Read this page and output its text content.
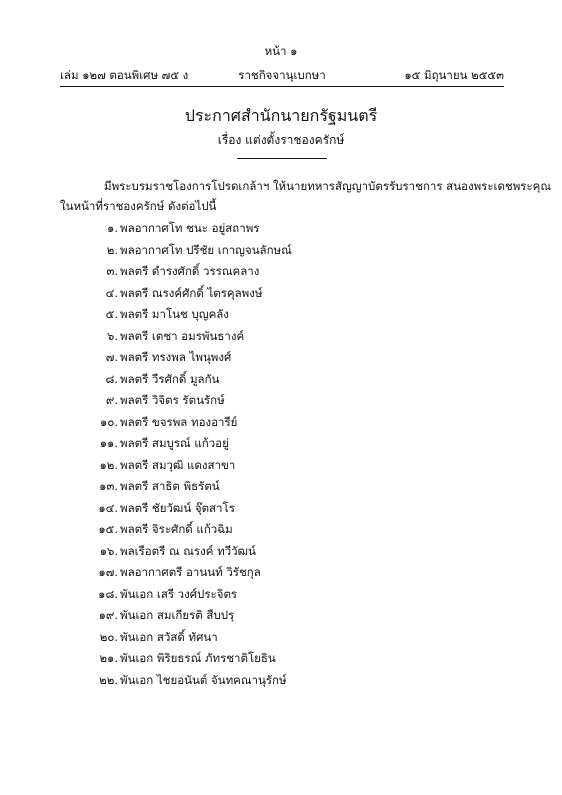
หน้า ๑
เล่ม ๑๒๗ ตอนพิเศษ ๗๕ ง	ราชกิจจานุเบกษา	๑๕ มิถุนายน ๒๕๕๓
ประกาศสำนักนายกรัฐมนตรี
เรื่อง แต่งตั้งราชองครักษ์
มีพระบรมราชโองการโปรดเกล้าฯ ให้นายทหารสัญญาบัตรรับราชการ สนองพระเดชพระคุณ
ในหน้าที่ราชองครักษ์ ดังต่อไปนี้
๑. พลอากาศโท ชนะ อยู่สถาพร
๒. พลอากาศโท ปรีชัย เกาญจนลักษณ์
๓. พลตรี ดำรงศักดิ์ วรรณคลาง
๔. พลตรี ณรงค์ศักดิ์ ไตรคุลพงษ์
๕. พลตรี มาโนช บุญคลัง
๖. พลตรี เตชา อมรพันธางค์
๗. พลตรี ทรงพล ไพนุพงศ์
๘. พลตรี วีรศักดิ์ มูลกัน
๙. พลตรี วิจิตร รัตนรักษ์
๑๐. พลตรี ขจรพล ทองอารีย์
๑๑. พลตรี สมบูรณ์ แก้วอยู่
๑๒. พลตรี สมวุฒิ แดงสาขา
๑๓. พลตรี สาธิต พิธรัตน์
๑๔. พลตรี ชัยวัฒน์ จุ๊ตสาโร
๑๕. พลตรี จิระศักดิ์ แก้วฉิม
๑๖. พลเรือตรี ณ ณรงค์ ทวีวัฒน์
๑๗. พลอากาศตรี อานนท์ วิรัชกุล
๑๘. พันเอก เสรี วงศ์ประจิตร
๑๙. พันเอก สมเกียรติ สืบปรุ
๒๐. พันเอก สวัสดิ์ ทัศนา
๒๑. พันเอก พิริยธรณ์ ภัทรชาติโยธิน
๒๒. พันเอก ไชยอนันต์ จันทคณานุรักษ์
